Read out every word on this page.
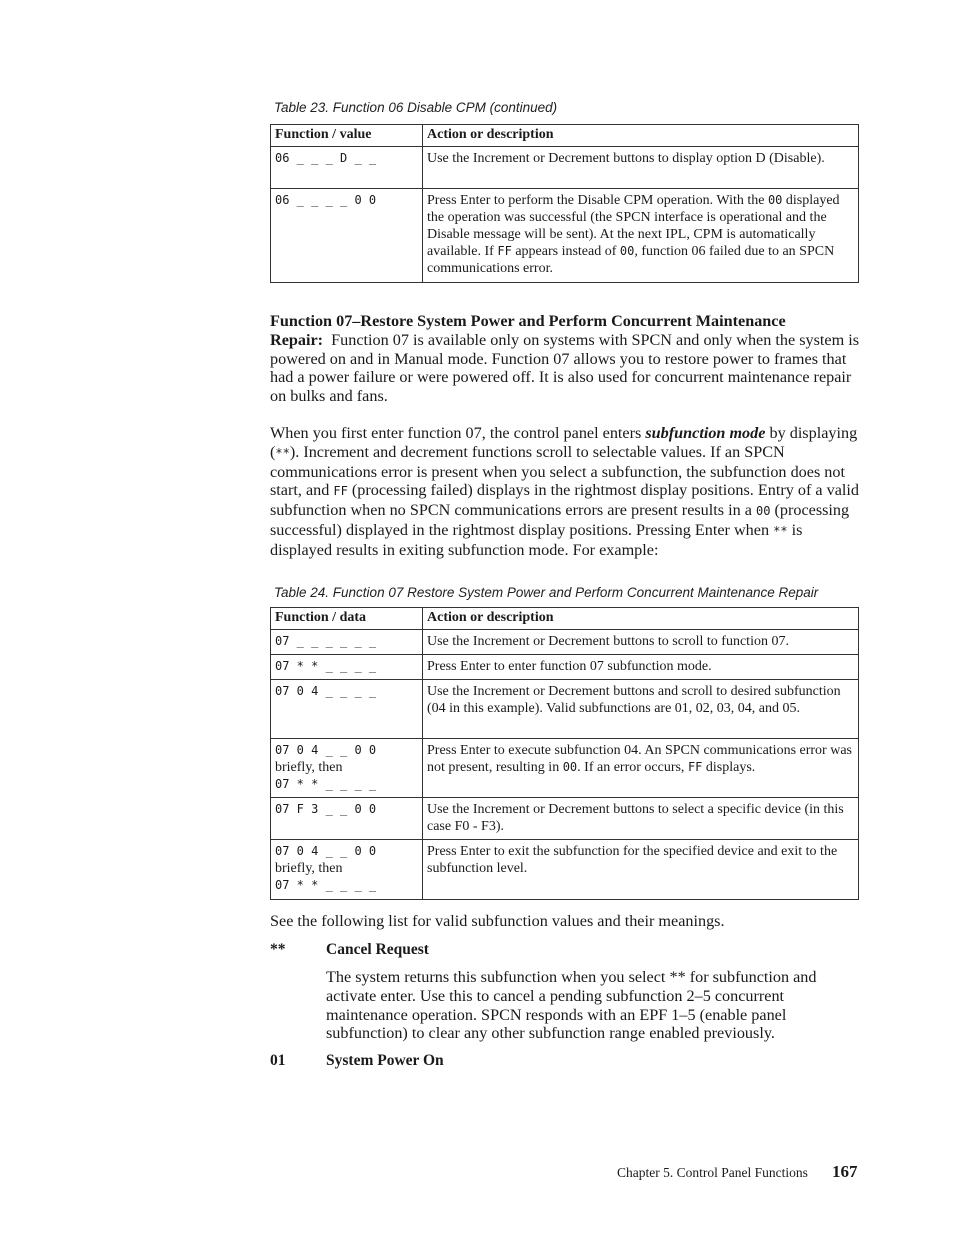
Table 23. Function 06 Disable CPM (continued)
Function / value	Action or description
06 _ _ _ D _ _	Use the Increment or Decrement buttons to display option D (Disable).
06 _ _ _ _ 0 0	Press Enter to perform the Disable CPM operation. With the 00 displayed the operation was successful (the SPCN interface is operational and the Disable message will be sent). At the next IPL, CPM is automatically available. If FF appears instead of 00, function 06 failed due to an SPCN communications error.
Function 07–Restore System Power and Perform Concurrent Maintenance Repair: Function 07 is available only on systems with SPCN and only when the system is powered on and in Manual mode. Function 07 allows you to restore power to frames that had a power failure or were powered off. It is also used for concurrent maintenance repair on bulks and fans.
When you first enter function 07, the control panel enters subfunction mode by displaying (**). Increment and decrement functions scroll to selectable values. If an SPCN communications error is present when you select a subfunction, the subfunction does not start, and FF (processing failed) displays in the rightmost display positions. Entry of a valid subfunction when no SPCN communications errors are present results in a 00 (processing successful) displayed in the rightmost display positions. Pressing Enter when ** is displayed results in exiting subfunction mode. For example:
Table 24. Function 07 Restore System Power and Perform Concurrent Maintenance Repair
Function / data	Action or description
07 _ _ _ _ _ _	Use the Increment or Decrement buttons to scroll to function 07.
07 * * _ _ _ _	Press Enter to enter function 07 subfunction mode.
07 0 4 _ _ _ _	Use the Increment or Decrement buttons and scroll to desired subfunction (04 in this example). Valid subfunctions are 01, 02, 03, 04, and 05.

07 0 4 _ _ 0 0
briefly, then
07 * * _ _ _ _	Press Enter to execute subfunction 04. An SPCN communications error was not present, resulting in 00. If an error occurs, FF displays.
07 F 3 _ _ 0 0	Use the Increment or Decrement buttons to select a specific device (in this case F0 - F3).

07 0 4 _ _ 0 0
briefly, then
07 * * _ _ _ _	Press Enter to exit the subfunction for the specified device and exit to the subfunction level.
See the following list for valid subfunction values and their meanings.
**	Cancel Request
The system returns this subfunction when you select ** for subfunction and activate enter. Use this to cancel a pending subfunction 2–5 concurrent maintenance operation. SPCN responds with an EPF 1–5 (enable panel subfunction) to clear any other subfunction range enabled previously.
01	System Power On
Chapter 5. Control Panel Functions 167
